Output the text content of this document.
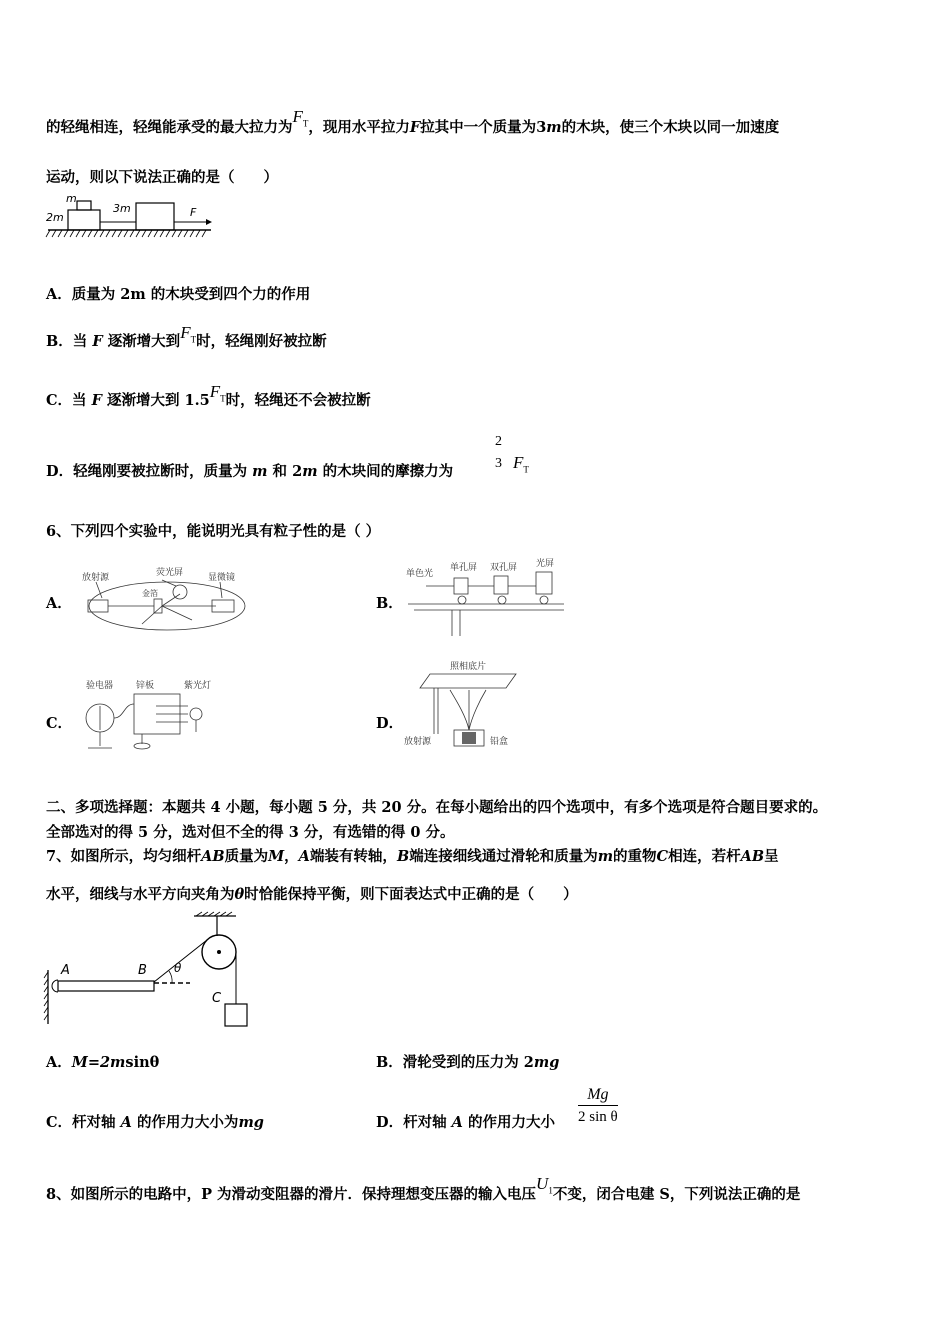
的轻绳相连，轻绳能承受的最大拉力为$F_T$，现用水平拉力F拉其中一个质量为3m的木块，使三个木块以同一加速度
运动，则以下说法正确的是（　　）
m
2m
3m	F
A．质量为 2m 的木块受到四个力的作用
B．当 F 逐渐增大到$F_T$时，轻绳刚好被拉断
C．当 F 逐渐增大到 $1.5F_T$时，轻绳还不会被拉断
D．轻绳刚要被拉断时，质量为 m 和 2m 的木块间的摩擦力为
2
3 $F_T$
6、下列四个实验中，能说明光具有粒子性的是（ ）
A．
放射源	荧光屏	显微镜
金箔
B．
单色光
单孔屏 双孔屏 光屏
C．
验电器	锌板	紫光灯
D．
照相底片
放射源	铅盒
二、多项选择题：本题共 4 小题，每小题 5 分，共 20 分。在每小题给出的四个选项中，有多个选项是符合题目要求的。
全部选对的得 5 分，选对但不全的得 3 分，有选错的得 0 分。
7、如图所示，均匀细杆AB质量为M，A端装有转轴，B端连接细线通过滑轮和质量为m的重物C相连，若杆AB呈
水平，细线与水平方向夹角为θ时恰能保持平衡，则下面表达式中正确的是（　　）
A	B θ
C
A．M=2msinθ	B．滑轮受到的压力为 2mg
C．杆对轴 A 的作用力大小为mg	D．杆对轴 A 的作用力大小 $\frac{Mg}{\text{2 sin θ}}$
8、如图所示的电路中，P 为滑动变阻器的滑片．保持理想变压器的输入电压$U_1$不变，闭合电建 S，下列说法正确的是
